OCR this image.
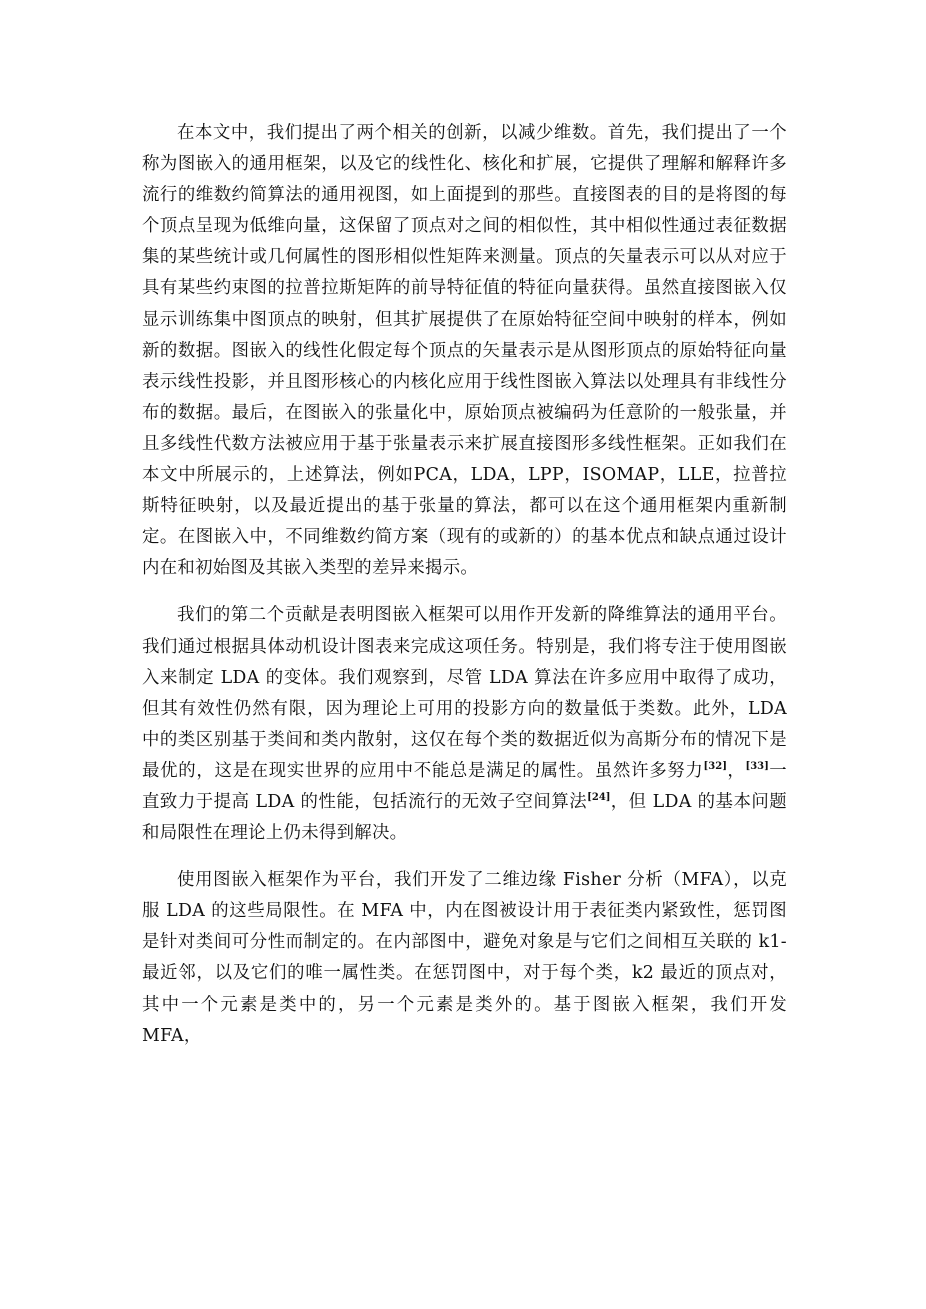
在本文中，我们提出了两个相关的创新，以减少维数。首先，我们提出了一个称为图嵌入的通用框架，以及它的线性化、核化和扩展，它提供了理解和解释许多流行的维数约简算法的通用视图，如上面提到的那些。直接图表的目的是将图的每个顶点呈现为低维向量，这保留了顶点对之间的相似性，其中相似性通过表征数据集的某些统计或几何属性的图形相似性矩阵来测量。顶点的矢量表示可以从对应于具有某些约束图的拉普拉斯矩阵的前导特征值的特征向量获得。虽然直接图嵌入仅显示训练集中图顶点的映射，但其扩展提供了在原始特征空间中映射的样本，例如新的数据。图嵌入的线性化假定每个顶点的矢量表示是从图形顶点的原始特征向量表示线性投影，并且图形核心的内核化应用于线性图嵌入算法以处理具有非线性分布的数据。最后，在图嵌入的张量化中，原始顶点被编码为任意阶的一般张量，并且多线性代数方法被应用于基于张量表示来扩展直接图形多线性框架。正如我们在本文中所展示的，上述算法，例如PCA，LDA，LPP，ISOMAP，LLE，拉普拉斯特征映射，以及最近提出的基于张量的算法，都可以在这个通用框架内重新制定。在图嵌入中，不同维数约简方案（现有的或新的）的基本优点和缺点通过设计内在和初始图及其嵌入类型的差异来揭示。

我们的第二个贡献是表明图嵌入框架可以用作开发新的降维算法的通用平台。我们通过根据具体动机设计图表来完成这项任务。特别是，我们将专注于使用图嵌入来制定 LDA 的变体。我们观察到，尽管 LDA 算法在许多应用中取得了成功，但其有效性仍然有限，因为理论上可用的投影方向的数量低于类数。此外，LDA 中的类区别基于类间和类内散射，这仅在每个类的数据近似为高斯分布的情况下是最优的，这是在现实世界的应用中不能总是满足的属性。虽然许多努力[32]，[33]一直致力于提高 LDA 的性能，包括流行的无效子空间算法[24]，但 LDA 的基本问题和局限性在理论上仍未得到解决。

使用图嵌入框架作为平台，我们开发了二维边缘 Fisher 分析（MFA），以克服 LDA 的这些局限性。在 MFA 中，内在图被设计用于表征类内紧致性，惩罚图是针对类间可分性而制定的。在内部图中，避免对象是与它们之间相互关联的 k1-最近邻，以及它们的唯一属性类。在惩罚图中，对于每个类，k2 最近的顶点对，其中一个元素是类中的，另一个元素是类外的。基于图嵌入框架，我们开发 MFA，
